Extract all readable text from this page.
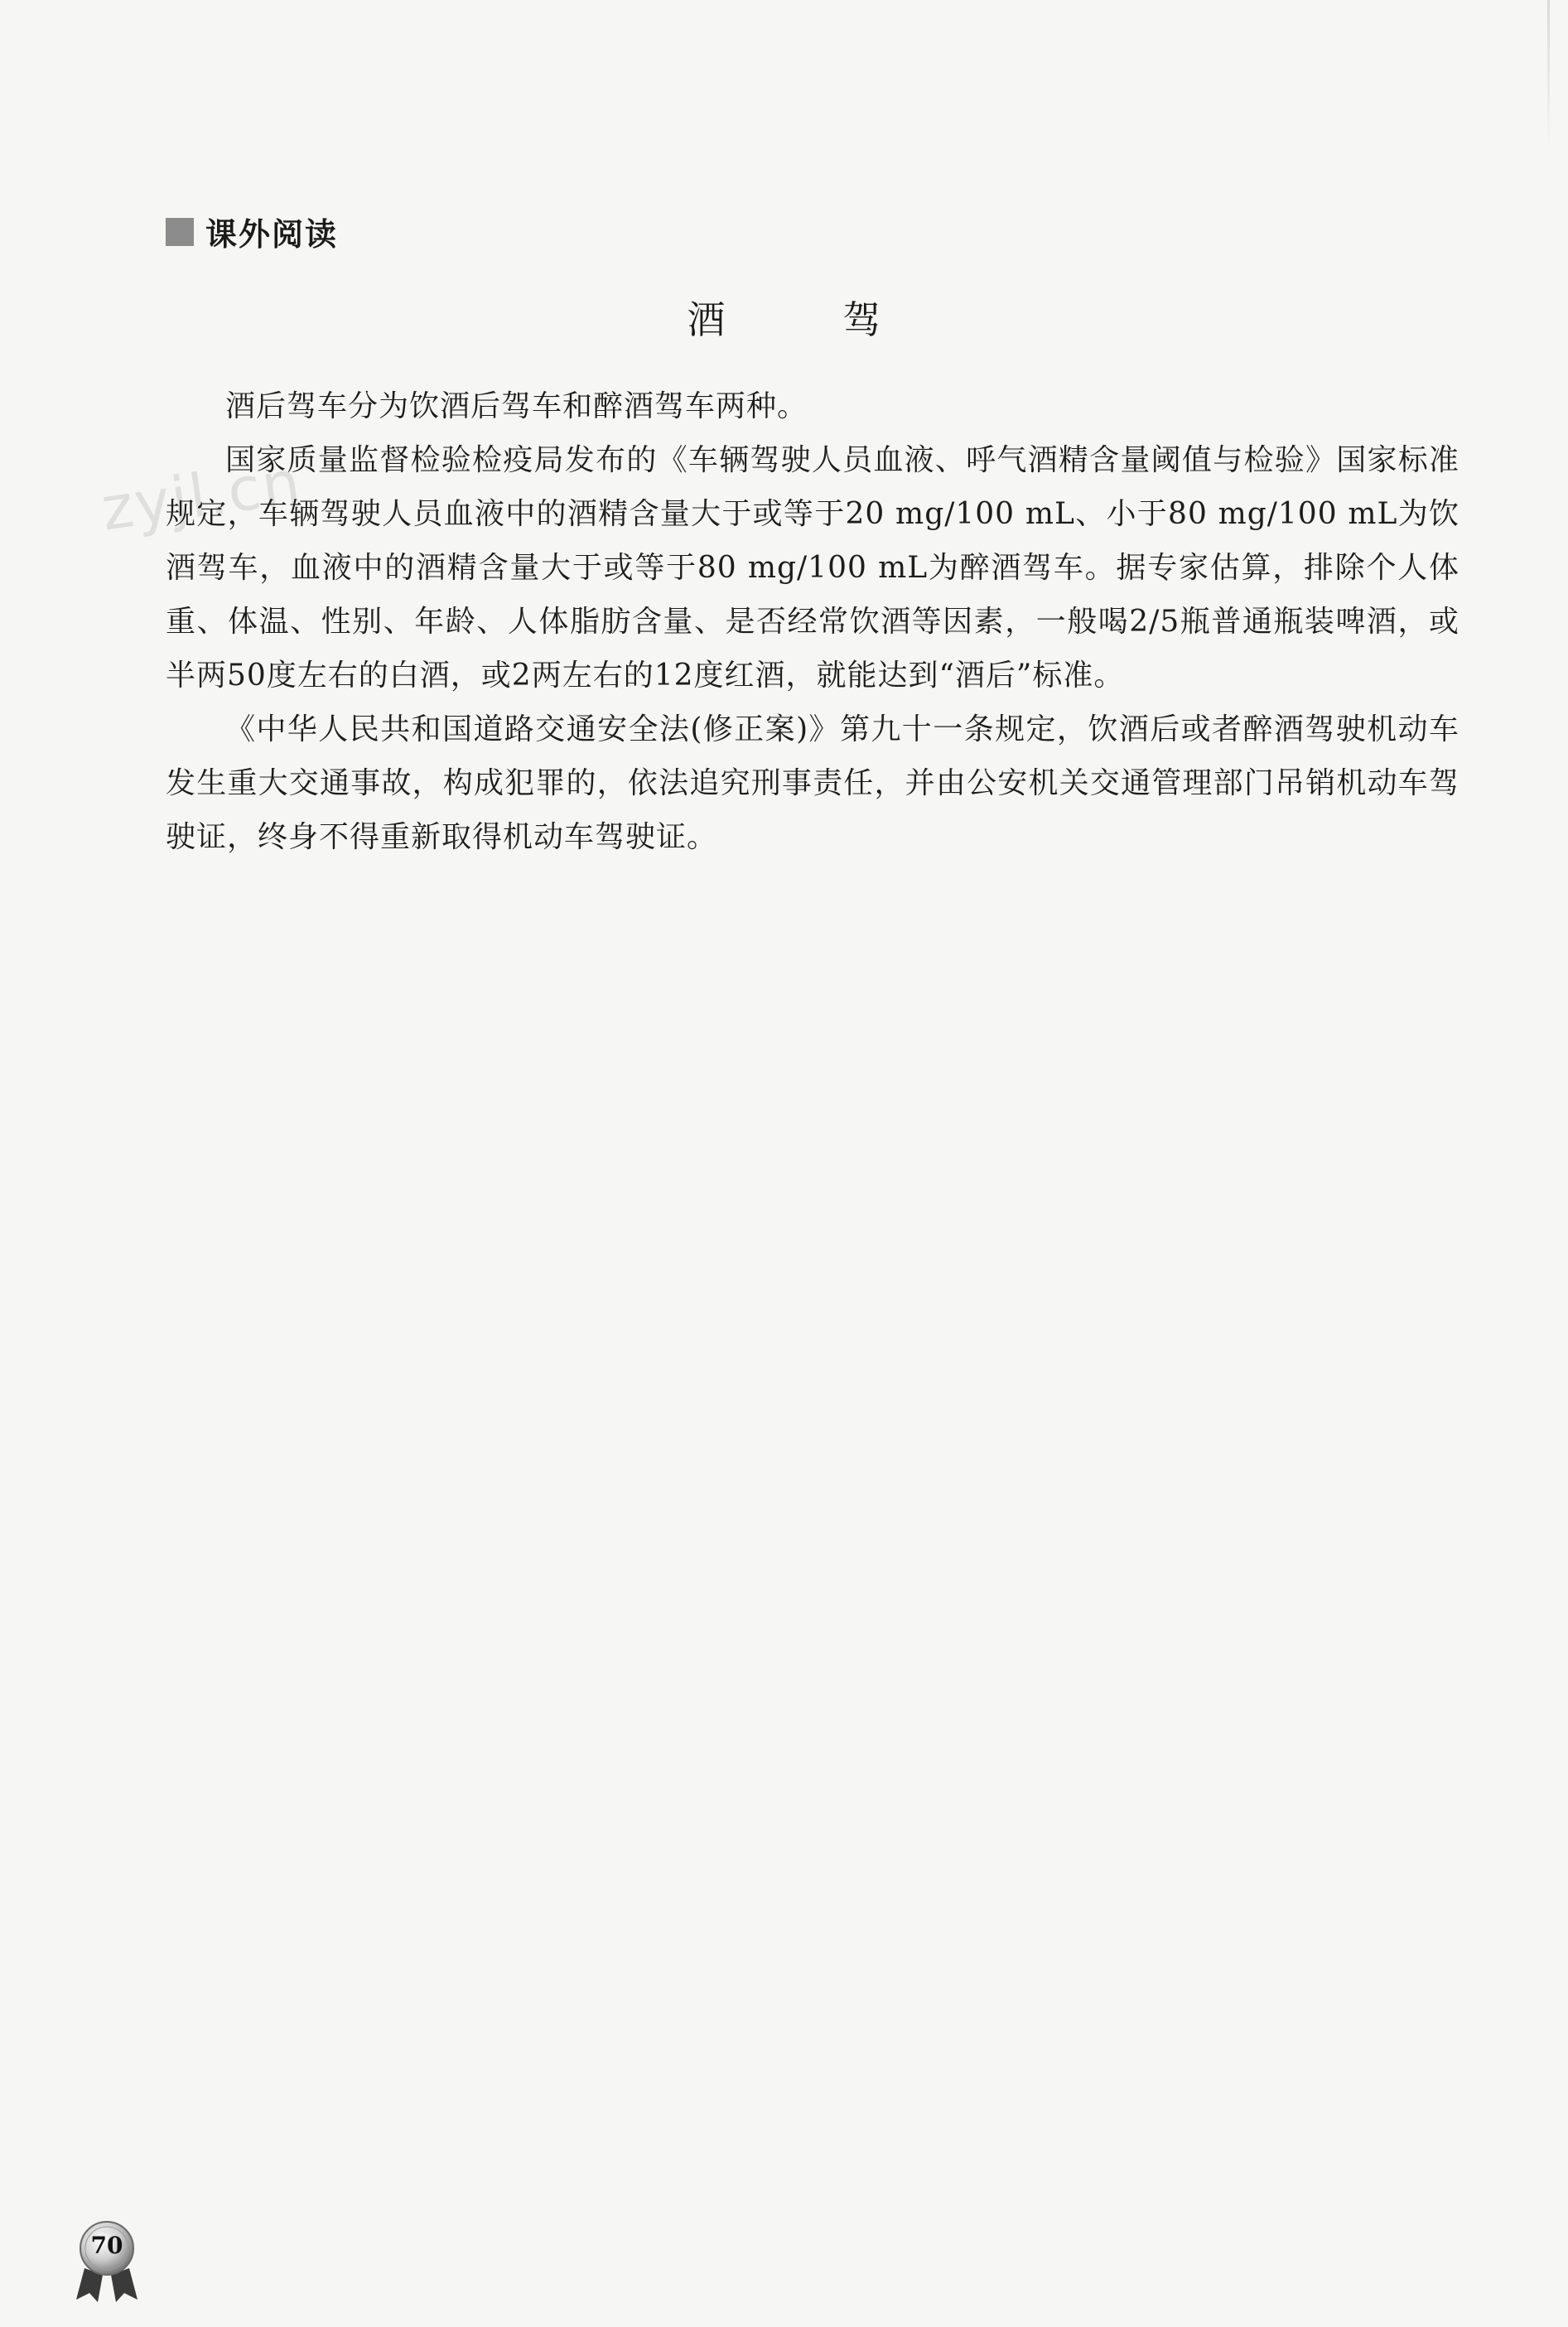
课外阅读
zyjl.cn
酒　驾

酒后驾车分为饮酒后驾车和醉酒驾车两种。

国家质量监督检验检疫局发布的《车辆驾驶人员血液、呼气酒精含量阈值与检验》国家标准规定，车辆驾驶人员血液中的酒精含量大于或等于20 mg/100 mL、小于80 mg/100 mL为饮酒驾车，血液中的酒精含量大于或等于80 mg/100 mL为醉酒驾车。据专家估算，排除个人体重、体温、性别、年龄、人体脂肪含量、是否经常饮酒等因素，一般喝2/5瓶普通瓶装啤酒，或半两50度左右的白酒，或2两左右的12度红酒，就能达到“酒后”标准。

《中华人民共和国道路交通安全法(修正案)》第九十一条规定，饮酒后或者醉酒驾驶机动车发生重大交通事故，构成犯罪的，依法追究刑事责任，并由公安机关交通管理部门吊销机动车驾驶证，终身不得重新取得机动车驾驶证。

70
